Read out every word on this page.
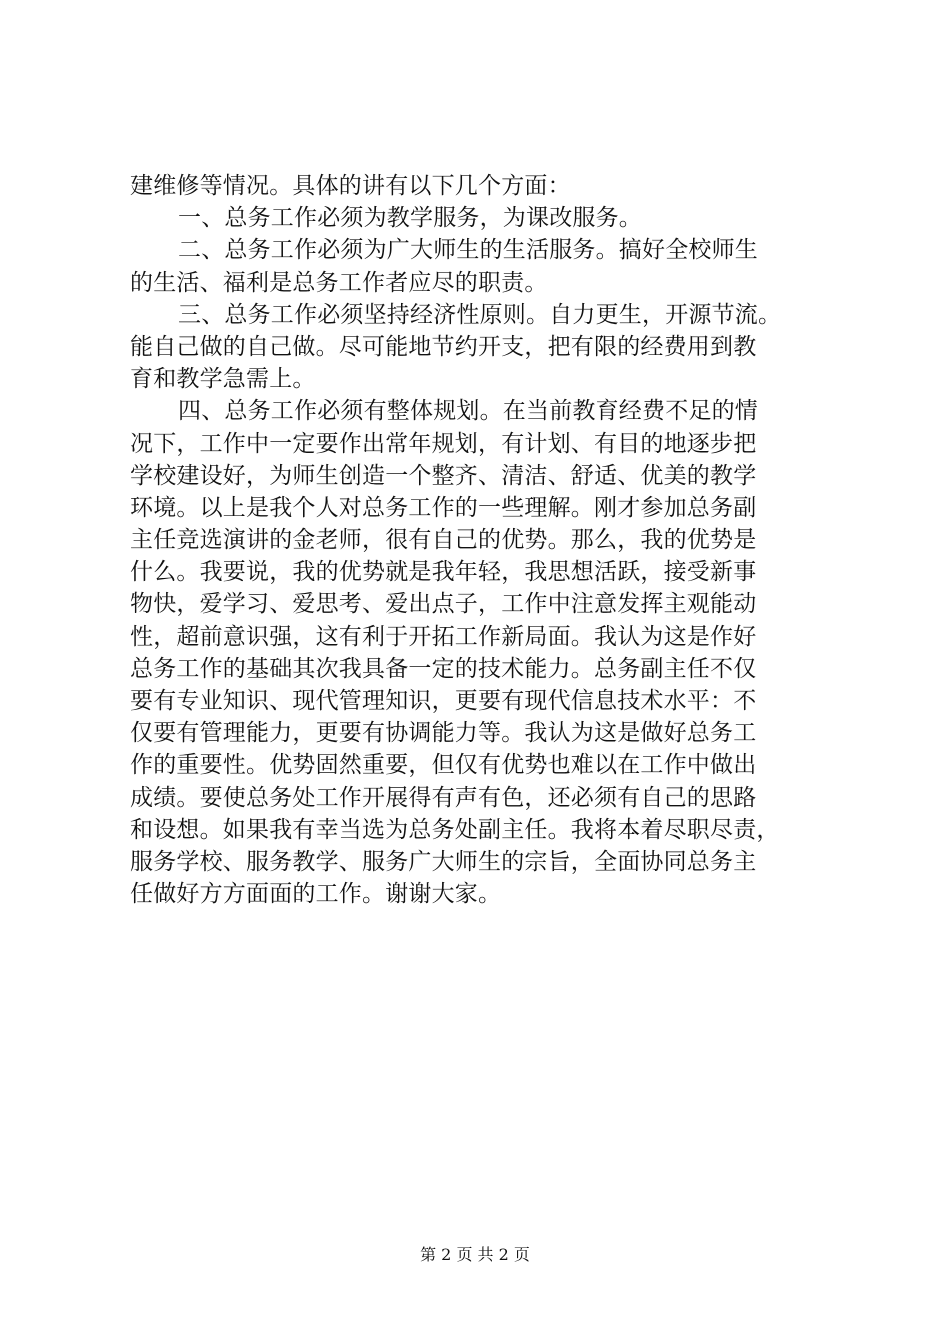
建维修等情况。具体的讲有以下几个方面：
一、总务工作必须为教学服务，为课改服务。
二、总务工作必须为广大师生的生活服务。搞好全校师生
的生活、福利是总务工作者应尽的职责。
三、总务工作必须坚持经济性原则。自力更生，开源节流。
能自己做的自己做。尽可能地节约开支，把有限的经费用到教
育和教学急需上。
四、总务工作必须有整体规划。在当前教育经费不足的情
况下，工作中一定要作出常年规划，有计划、有目的地逐步把
学校建设好，为师生创造一个整齐、清洁、舒适、优美的教学
环境。以上是我个人对总务工作的一些理解。刚才参加总务副
主任竞选演讲的金老师，很有自己的优势。那么，我的优势是
什么。我要说，我的优势就是我年轻，我思想活跃，接受新事
物快，爱学习、爱思考、爱出点子，工作中注意发挥主观能动
性，超前意识强，这有利于开拓工作新局面。我认为这是作好
总务工作的基础其次我具备一定的技术能力。总务副主任不仅
要有专业知识、现代管理知识，更要有现代信息技术水平：不
仅要有管理能力，更要有协调能力等。我认为这是做好总务工
作的重要性。优势固然重要，但仅有优势也难以在工作中做出
成绩。要使总务处工作开展得有声有色，还必须有自己的思路
和设想。如果我有幸当选为总务处副主任。我将本着尽职尽责，
服务学校、服务教学、服务广大师生的宗旨，全面协同总务主
任做好方方面面的工作。谢谢大家。
第 2 页 共 2 页
